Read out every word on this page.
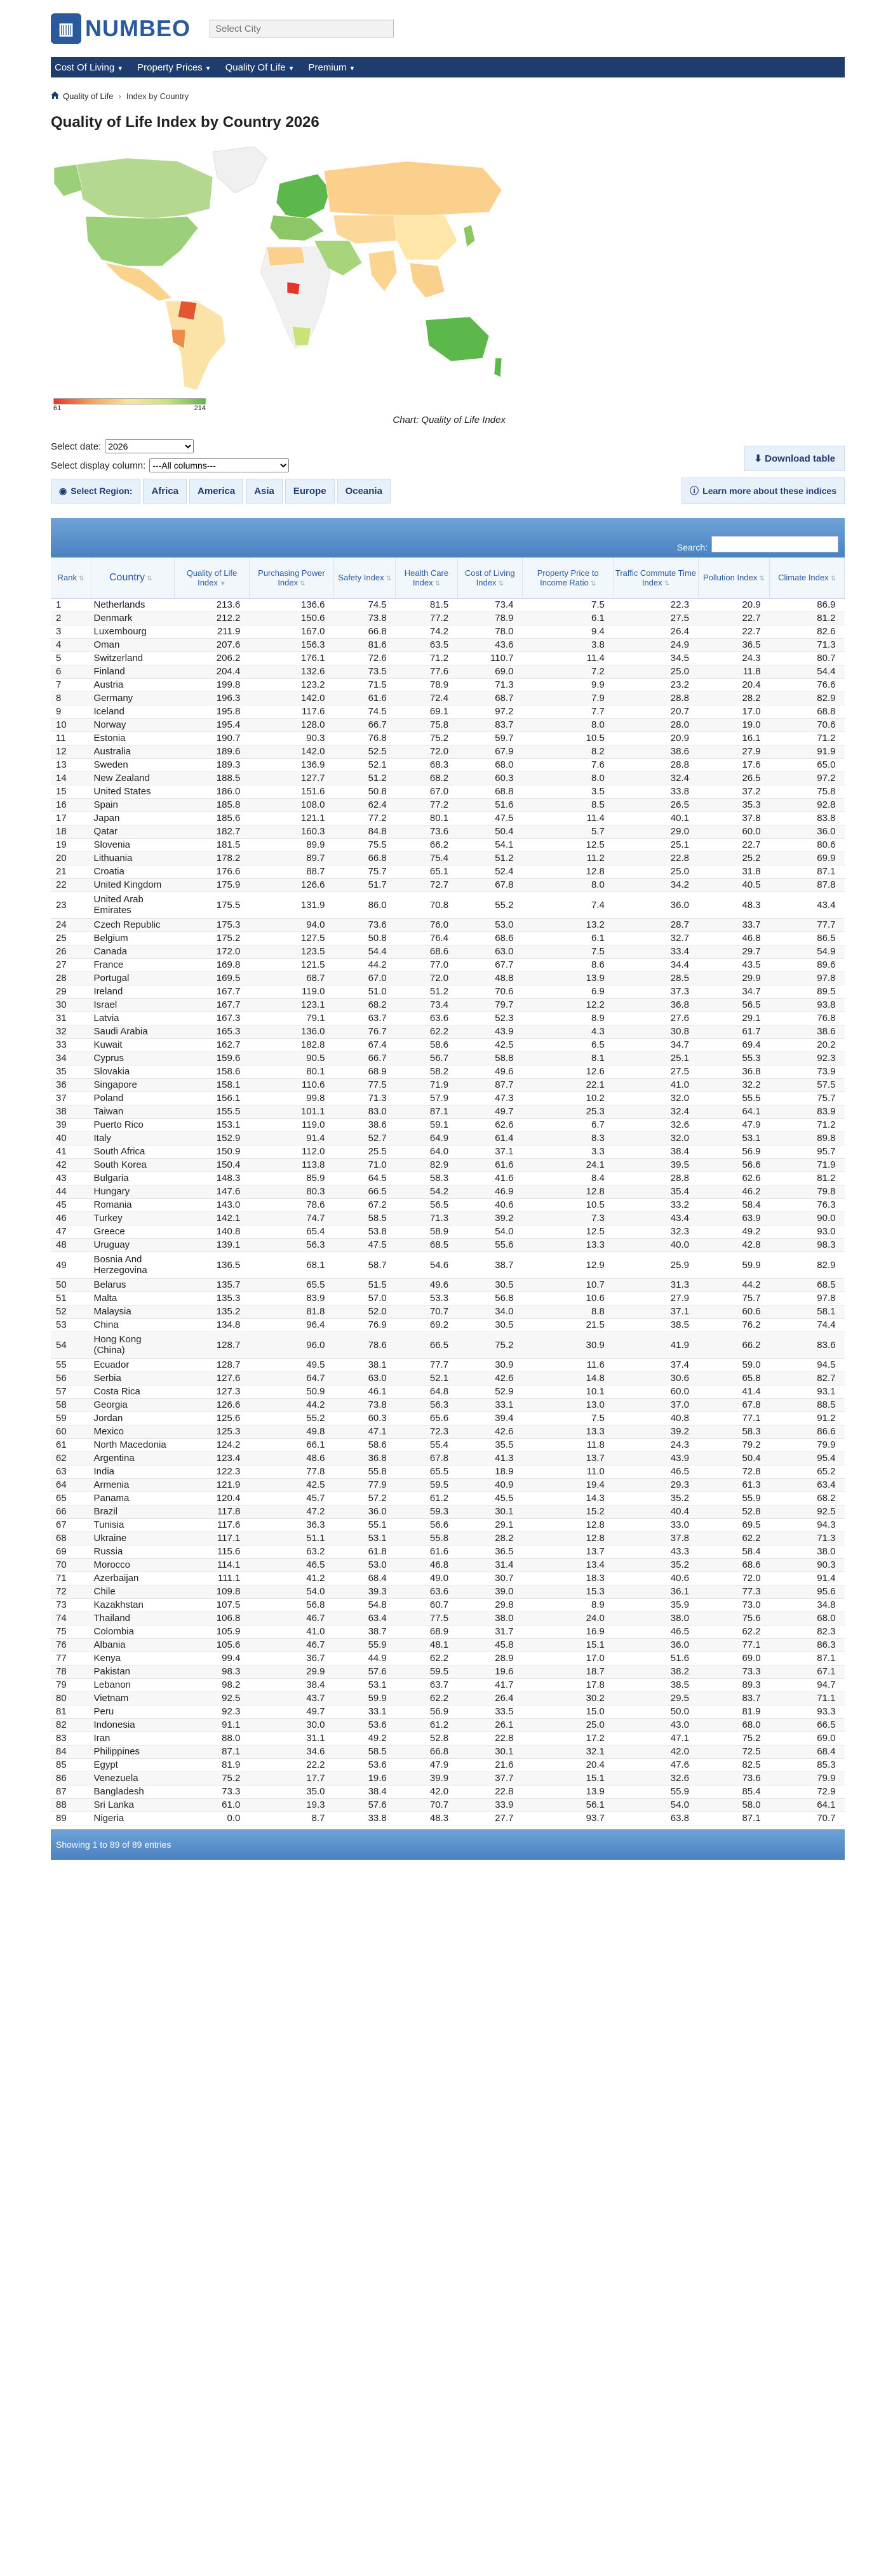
▥ NUMBEO
Select City
Cost Of Living ▼ Property Prices ▼ Quality Of Life ▼ Premium ▼
Quality of Life › Index by Country
Quality of Life Index by Country 2026
61	214
Chart: Quality of Life Index
Select date:
2026
Select display column:
---All columns---
⬇ Download table
◉ Select Region:	Africa	America	Asia	Europe	Oceania	ⓘ Learn more about these indices
Search:
Rank ⇅	Country ⇅	Quality of Life Index ▼	Purchasing Power Index ⇅	Safety Index ⇅	Health Care Index ⇅	Cost of Living Index ⇅	Property Price to Income Ratio ⇅	Traffic Commute Time Index ⇅	Pollution Index ⇅	Climate Index ⇅
1	Netherlands	213.6	136.6	74.5	81.5	73.4	7.5	22.3	20.9	86.9
2	Denmark	212.2	150.6	73.8	77.2	78.9	6.1	27.5	22.7	81.2
3	Luxembourg	211.9	167.0	66.8	74.2	78.0	9.4	26.4	22.7	82.6
4	Oman	207.6	156.3	81.6	63.5	43.6	3.8	24.9	36.5	71.3
5	Switzerland	206.2	176.1	72.6	71.2	110.7	11.4	34.5	24.3	80.7
6	Finland	204.4	132.6	73.5	77.6	69.0	7.2	25.0	11.8	54.4
7	Austria	199.8	123.2	71.5	78.9	71.3	9.9	23.2	20.4	76.6
8	Germany	196.3	142.0	61.6	72.4	68.7	7.9	28.8	28.2	82.9
9	Iceland	195.8	117.6	74.5	69.1	97.2	7.7	20.7	17.0	68.8
10	Norway	195.4	128.0	66.7	75.8	83.7	8.0	28.0	19.0	70.6
11	Estonia	190.7	90.3	76.8	75.2	59.7	10.5	20.9	16.1	71.2
12	Australia	189.6	142.0	52.5	72.0	67.9	8.2	38.6	27.9	91.9
13	Sweden	189.3	136.9	52.1	68.3	68.0	7.6	28.8	17.6	65.0
14	New Zealand	188.5	127.7	51.2	68.2	60.3	8.0	32.4	26.5	97.2
15	United States	186.0	151.6	50.8	67.0	68.8	3.5	33.8	37.2	75.8
16	Spain	185.8	108.0	62.4	77.2	51.6	8.5	26.5	35.3	92.8
17	Japan	185.6	121.1	77.2	80.1	47.5	11.4	40.1	37.8	83.8
18	Qatar	182.7	160.3	84.8	73.6	50.4	5.7	29.0	60.0	36.0
19	Slovenia	181.5	89.9	75.5	66.2	54.1	12.5	25.1	22.7	80.6
20	Lithuania	178.2	89.7	66.8	75.4	51.2	11.2	22.8	25.2	69.9
21	Croatia	176.6	88.7	75.7	65.1	52.4	12.8	25.0	31.8	87.1
22	United Kingdom	175.9	126.6	51.7	72.7	67.8	8.0	34.2	40.5	87.8
23	United Arab Emirates	175.5	131.9	86.0	70.8	55.2	7.4	36.0	48.3	43.4
24	Czech Republic	175.3	94.0	73.6	76.0	53.0	13.2	28.7	33.7	77.7
25	Belgium	175.2	127.5	50.8	76.4	68.6	6.1	32.7	46.8	86.5
26	Canada	172.0	123.5	54.4	68.6	63.0	7.5	33.4	29.7	54.9
27	France	169.8	121.5	44.2	77.0	67.7	8.6	34.4	43.5	89.6
28	Portugal	169.5	68.7	67.0	72.0	48.8	13.9	28.5	29.9	97.8
29	Ireland	167.7	119.0	51.0	51.2	70.6	6.9	37.3	34.7	89.5
30	Israel	167.7	123.1	68.2	73.4	79.7	12.2	36.8	56.5	93.8
31	Latvia	167.3	79.1	63.7	63.6	52.3	8.9	27.6	29.1	76.8
32	Saudi Arabia	165.3	136.0	76.7	62.2	43.9	4.3	30.8	61.7	38.6
33	Kuwait	162.7	182.8	67.4	58.6	42.5	6.5	34.7	69.4	20.2
34	Cyprus	159.6	90.5	66.7	56.7	58.8	8.1	25.1	55.3	92.3
35	Slovakia	158.6	80.1	68.9	58.2	49.6	12.6	27.5	36.8	73.9
36	Singapore	158.1	110.6	77.5	71.9	87.7	22.1	41.0	32.2	57.5
37	Poland	156.1	99.8	71.3	57.9	47.3	10.2	32.0	55.5	75.7
38	Taiwan	155.5	101.1	83.0	87.1	49.7	25.3	32.4	64.1	83.9
39	Puerto Rico	153.1	119.0	38.6	59.1	62.6	6.7	32.6	47.9	71.2
40	Italy	152.9	91.4	52.7	64.9	61.4	8.3	32.0	53.1	89.8
41	South Africa	150.9	112.0	25.5	64.0	37.1	3.3	38.4	56.9	95.7
42	South Korea	150.4	113.8	71.0	82.9	61.6	24.1	39.5	56.6	71.9
43	Bulgaria	148.3	85.9	64.5	58.3	41.6	8.4	28.8	62.6	81.2
44	Hungary	147.6	80.3	66.5	54.2	46.9	12.8	35.4	46.2	79.8
45	Romania	143.0	78.6	67.2	56.5	40.6	10.5	33.2	58.4	76.3
46	Turkey	142.1	74.7	58.5	71.3	39.2	7.3	43.4	63.9	90.0
47	Greece	140.8	65.4	53.8	58.9	54.0	12.5	32.3	49.2	93.0
48	Uruguay	139.1	56.3	47.5	68.5	55.6	13.3	40.0	42.8	98.3
49	Bosnia And Herzegovina	136.5	68.1	58.7	54.6	38.7	12.9	25.9	59.9	82.9
50	Belarus	135.7	65.5	51.5	49.6	30.5	10.7	31.3	44.2	68.5
51	Malta	135.3	83.9	57.0	53.3	56.8	10.6	27.9	75.7	97.8
52	Malaysia	135.2	81.8	52.0	70.7	34.0	8.8	37.1	60.6	58.1
53	China	134.8	96.4	76.9	69.2	30.5	21.5	38.5	76.2	74.4
54	Hong Kong (China)	128.7	96.0	78.6	66.5	75.2	30.9	41.9	66.2	83.6
55	Ecuador	128.7	49.5	38.1	77.7	30.9	11.6	37.4	59.0	94.5
56	Serbia	127.6	64.7	63.0	52.1	42.6	14.8	30.6	65.8	82.7
57	Costa Rica	127.3	50.9	46.1	64.8	52.9	10.1	60.0	41.4	93.1
58	Georgia	126.6	44.2	73.8	56.3	33.1	13.0	37.0	67.8	88.5
59	Jordan	125.6	55.2	60.3	65.6	39.4	7.5	40.8	77.1	91.2
60	Mexico	125.3	49.8	47.1	72.3	42.6	13.3	39.2	58.3	86.6
61	North Macedonia	124.2	66.1	58.6	55.4	35.5	11.8	24.3	79.2	79.9
62	Argentina	123.4	48.6	36.8	67.8	41.3	13.7	43.9	50.4	95.4
63	India	122.3	77.8	55.8	65.5	18.9	11.0	46.5	72.8	65.2
64	Armenia	121.9	42.5	77.9	59.5	40.9	19.4	29.3	61.3	63.4
65	Panama	120.4	45.7	57.2	61.2	45.5	14.3	35.2	55.9	68.2
66	Brazil	117.8	47.2	36.0	59.3	30.1	15.2	40.4	52.8	92.5
67	Tunisia	117.6	36.3	55.1	56.6	29.1	12.8	33.0	69.5	94.3
68	Ukraine	117.1	51.1	53.1	55.8	28.2	12.8	37.8	62.2	71.3
69	Russia	115.6	63.2	61.8	61.6	36.5	13.7	43.3	58.4	38.0
70	Morocco	114.1	46.5	53.0	46.8	31.4	13.4	35.2	68.6	90.3
71	Azerbaijan	111.1	41.2	68.4	49.0	30.7	18.3	40.6	72.0	91.4
72	Chile	109.8	54.0	39.3	63.6	39.0	15.3	36.1	77.3	95.6
73	Kazakhstan	107.5	56.8	54.8	60.7	29.8	8.9	35.9	73.0	34.8
74	Thailand	106.8	46.7	63.4	77.5	38.0	24.0	38.0	75.6	68.0
75	Colombia	105.9	41.0	38.7	68.9	31.7	16.9	46.5	62.2	82.3
76	Albania	105.6	46.7	55.9	48.1	45.8	15.1	36.0	77.1	86.3
77	Kenya	99.4	36.7	44.9	62.2	28.9	17.0	51.6	69.0	87.1
78	Pakistan	98.3	29.9	57.6	59.5	19.6	18.7	38.2	73.3	67.1
79	Lebanon	98.2	38.4	53.1	63.7	41.7	17.8	38.5	89.3	94.7
80	Vietnam	92.5	43.7	59.9	62.2	26.4	30.2	29.5	83.7	71.1
81	Peru	92.3	49.7	33.1	56.9	33.5	15.0	50.0	81.9	93.3
82	Indonesia	91.1	30.0	53.6	61.2	26.1	25.0	43.0	68.0	66.5
83	Iran	88.0	31.1	49.2	52.8	22.8	17.2	47.1	75.2	69.0
84	Philippines	87.1	34.6	58.5	66.8	30.1	32.1	42.0	72.5	68.4
85	Egypt	81.9	22.2	53.6	47.9	21.6	20.4	47.6	82.5	85.3
86	Venezuela	75.2	17.7	19.6	39.9	37.7	15.1	32.6	73.6	79.9
87	Bangladesh	73.3	35.0	38.4	42.0	22.8	13.9	55.9	85.4	72.9
88	Sri Lanka	61.0	19.3	57.6	70.7	33.9	56.1	54.0	58.0	64.1
89	Nigeria	0.0	8.7	33.8	48.3	27.7	93.7	63.8	87.1	70.7
Showing 1 to 89 of 89 entries
